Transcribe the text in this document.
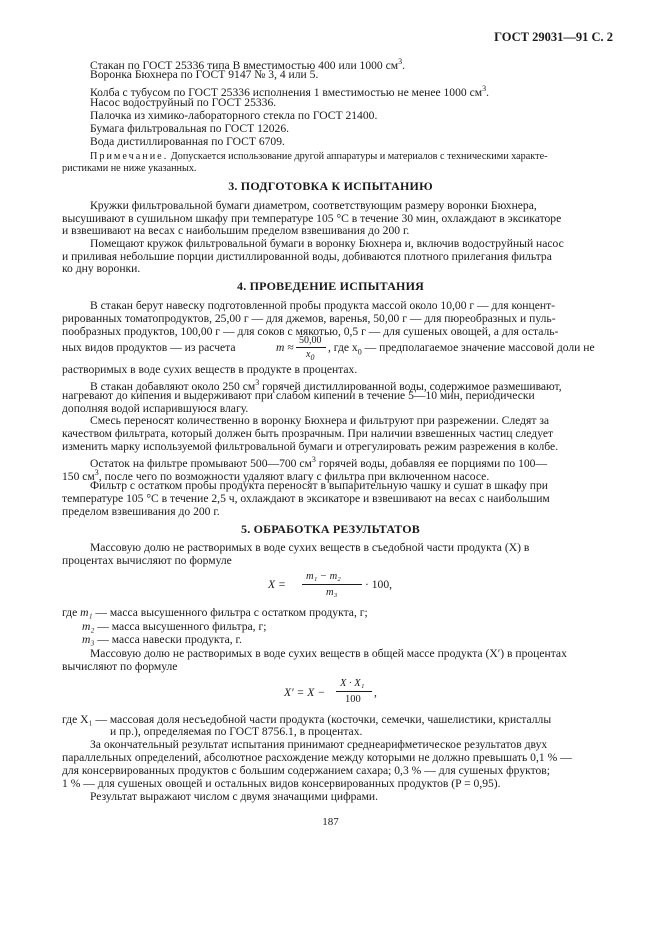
ГОСТ 29031—91 С. 2
Стакан по ГОСТ 25336 типа В вместимостью 400 или 1000 $см^3$.
Воронка Бюхнера по ГОСТ 9147 № 3, 4 или 5.
Колба с тубусом по ГОСТ 25336 исполнения 1 вместимостью не менее 1000 $см^3$.
Насос водоструйный по ГОСТ 25336.
Палочка из химико-лабораторного стекла по ГОСТ 21400.
Бумага фильтровальная по ГОСТ 12026.
Вода дистиллированная по ГОСТ 6709.
Примечание. Допускается использование другой аппаратуры и материалов с техническими характе-
ристиками не ниже указанных.
3. ПОДГОТОВКА К ИСПЫТАНИЮ
Кружки фильтровальной бумаги диаметром, соответствующим размеру воронки Бюхнера,
высушивают в сушильном шкафу при температуре 105 °С в течение 30 мин, охлаждают в эксикаторе
и взвешивают на весах с наибольшим пределом взвешивания до 200 г.
Помещают кружок фильтровальной бумаги в воронку Бюхнера и, включив водоструйный насос
и приливая небольшие порции дистиллированной воды, добиваются плотного прилегания фильтра
ко дну воронки.
4. ПРОВЕДЕНИЕ ИСПЫТАНИЯ
В стакан берут навеску подготовленной пробы продукта массой около 10,00 г — для концент-
рированных томатопродуктов, 25,00 г — для джемов, варенья, 50,00 г — для пюреобразных и пуль-
пообразных продуктов, 100,00 г — для соков с мякотью, 0,5 г — для сушеных овощей, а для осталь-
ных видов продуктов — из расчета	m ≈
50,00
$x_0$
, где $x_0$ — предполагаемое значение массовой доли не
растворимых в воде сухих веществ в продукте в процентах.
В стакан добавляют около 250 $см^3$ горячей дистиллированной воды, содержимое размешивают,
нагревают до кипения и выдерживают при слабом кипении в течение 5—10 мин, периодически
дополняя водой испарившуюся влагу.
Смесь переносят количественно в воронку Бюхнера и фильтруют при разрежении. Следят за
качеством фильтрата, который должен быть прозрачным. При наличии взвешенных частиц следует
изменить марку используемой фильтровальной бумаги и отрегулировать режим разрежения в колбе.
Остаток на фильтре промывают 500—700 $см^3$ горячей воды, добавляя ее порциями по 100—
150 $см^3$, после чего по возможности удаляют влагу с фильтра при включенном насосе.
Фильтр с остатком пробы продукта переносят в выпарительную чашку и сушат в шкафу при
температуре 105 °С в течение 2,5 ч, охлаждают в эксикаторе и взвешивают на весах с наибольшим
пределом взвешивания до 200 г.
5. ОБРАБОТКА РЕЗУЛЬТАТОВ
Массовую долю не растворимых в воде сухих веществ в съедобной части продукта (X) в
процентах вычисляют по формуле
X =
m₁ − m₂
m₃
· 100,
где m₁ — масса высушенного фильтра с остатком продукта, г;
m₂ — масса высушенного фильтра, г;
m₃ — масса навески продукта, г.
Массовую долю не растворимых в воде сухих веществ в общей массе продукта (X′) в процентах
вычисляют по формуле
X′ = X −
X · X₁
100
,
где X₁ — массовая доля несъедобной части продукта (косточки, семечки, чашелистики, кристаллы
и пр.), определяемая по ГОСТ 8756.1, в процентах.
За окончательный результат испытания принимают среднеарифметическое результатов двух
параллельных определений, абсолютное расхождение между которыми не должно превышать 0,1 % —
для консервированных продуктов с большим содержанием сахара; 0,3 % — для сушеных фруктов;
1 % — для сушеных овощей и остальных видов консервированных продуктов (P = 0,95).
Результат выражают числом с двумя значащими цифрами.
187
